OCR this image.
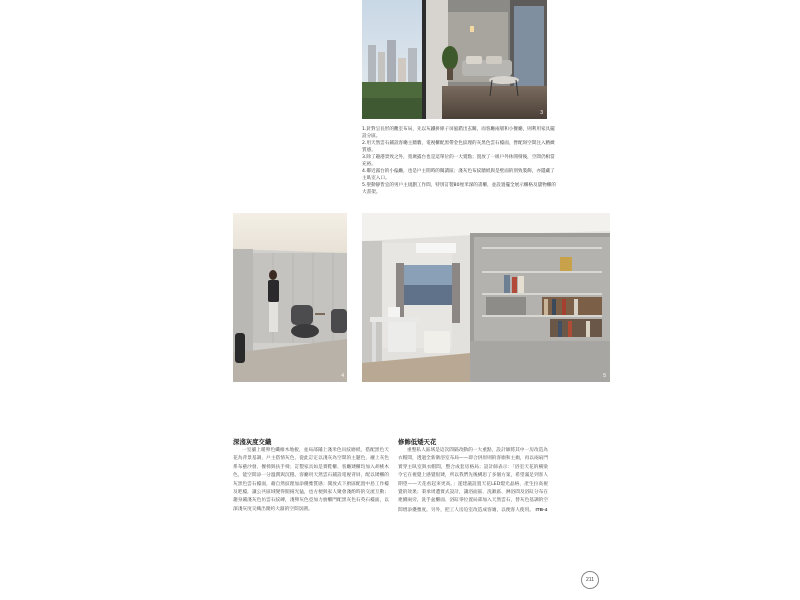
3

1.針對呈長形的觀室布局，先以灰鐵拼條子屏風錯出玄關，而客廳兩層和小餐廳，則利用家具擺設分區。

2.用天然雲石鋪設客廳主牆牆，電視櫃配黑帶金色紋理的灰黑色雲石檯面，營配斑空間注入精緻質感。

3.除了趣港景致之外，寬廣露台也是這單位的一大賣點；置放了一組戶外休閒椅後，空間仍相當充裕。

4.鄰近露台的小偏廳，也是戶主閒時的閱讀區；淺灰色布紋牆紙與是壁面的別致裝飾，亦隱藏了主臥室入口。

5.聖動靜皆宜的男戶主規劃工作間，特別訂製80厘米深的書櫃，並設置擺全展示櫃格及儲物櫃的大書架。

4	5
深淺灰度交織

一室舖上暖卵色纖維木地板，並局部鋪上淺米色吊紋磨紙，搭配黑色天花為背景基調，戶主搭情灰色，從此訂定以淺灰為空間的主題色，襯上灰色系布藝沙發、餐椅與扶手椅；訂製家具如是實鞋櫃、客廳矮櫃均加入胡桃木色，能空間添一分溫潤與沉穩。客廳用天然雲石鋪設電視背屏，配以矮櫃的灰黑色雲石檯面，藉自然紋理加添優雅質感；開放式下廚區配置中島工作檯及吧檯，讓公共區域變得開揚光猛，也方便與家人聚會淺酌時的交流互動；趨身鋪淺灰色仿雲石紋磚，淺卵灰色亞加力廚櫃門配黑灰色石英石檯面，以深淺灰度交織出簡約大器的空間氛圍。

修飾低矮天花

重整私人區域是這次間隔改動的一大重點，設計師將其中一房改造為衣帽間，透過全新衛浴室布局——即合併原則的客廁和主廁，再以兩扇門實穿主臥室與衣帽間，整合成套房格局；設計師表示：「浴室天花的橫梁令它在視覺上感覺很矮，所以我們先後構思了多個方案，希望滿足到客人期望——天花看起來更高。」遂建議設置天花LED燈光晶格，產生拉高視覺的效果；秉承周遭實式設計，讓浴面區、洗漱區、淋浴間及浴缸分布在連續兩旁，洗手盆櫃面、浴缸零位置局部加入天然雲石，替灰色基調的空間增添優雅度。另外，把工人房迫室改造成客廁，以便客人使用。 ITB-4

211
